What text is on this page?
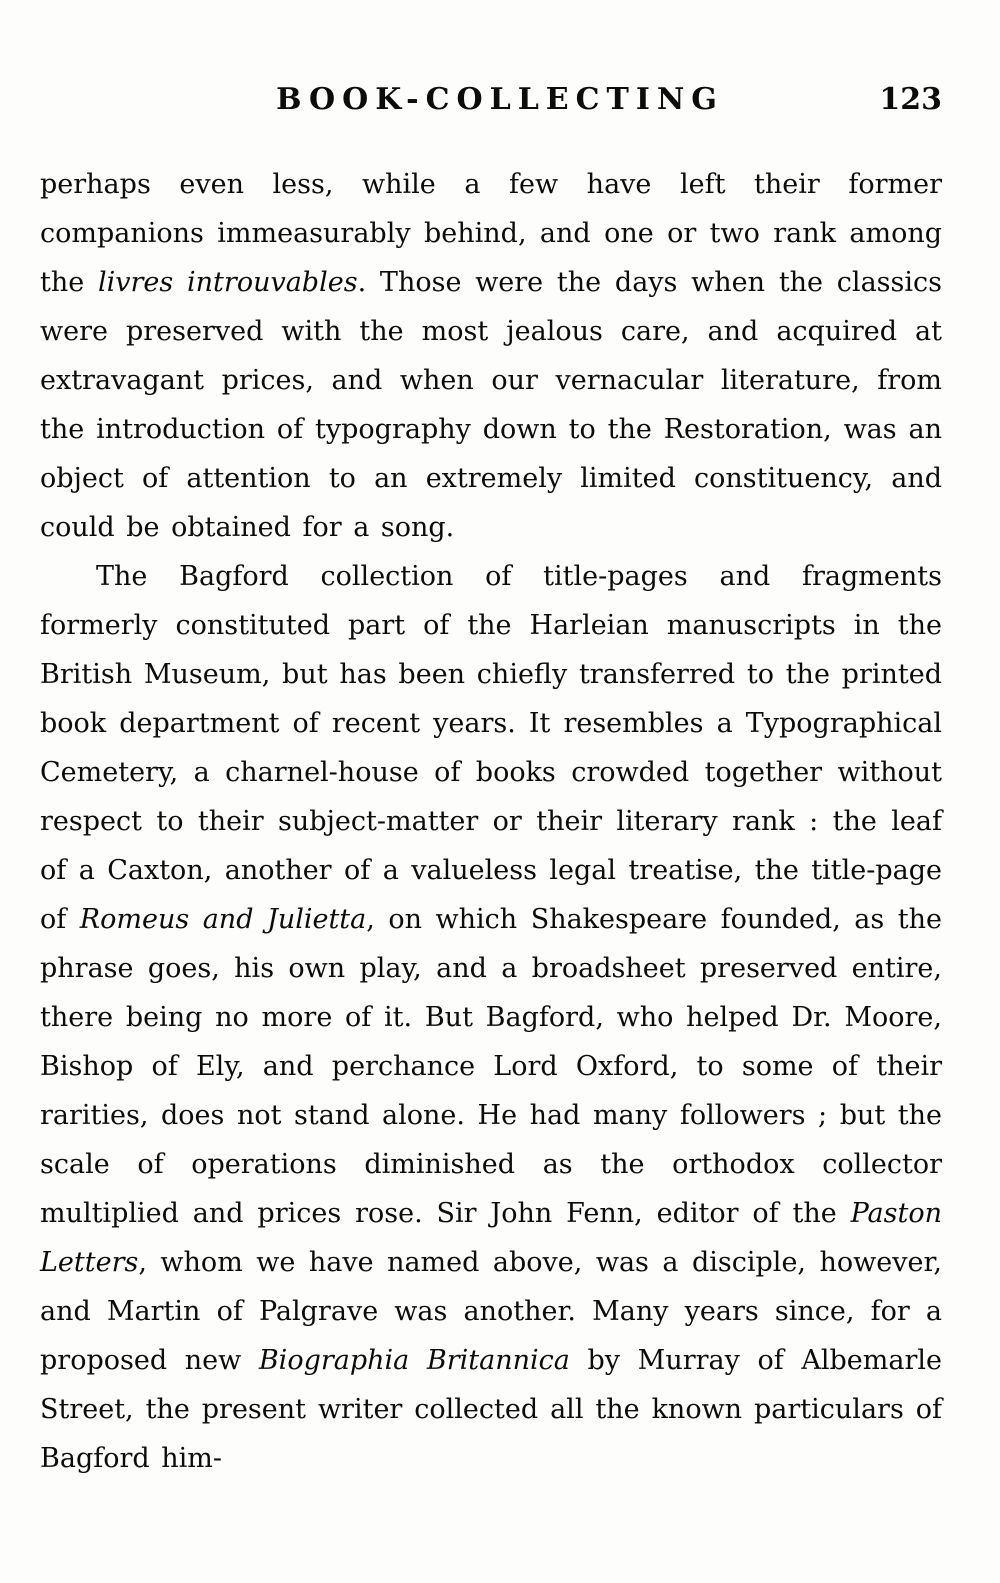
BOOK-COLLECTING	123

perhaps even less, while a few have left their former companions immeasurably behind, and one or two rank among the livres introuvables. Those were the days when the classics were preserved with the most jealous care, and acquired at extravagant prices, and when our vernacular literature, from the introduction of typography down to the Restoration, was an object of attention to an extremely limited constituency, and could be obtained for a song.

The Bagford collection of title-pages and fragments formerly constituted part of the Harleian manuscripts in the British Museum, but has been chiefly transferred to the printed book department of recent years. It resembles a Typographical Cemetery, a charnel-house of books crowded together without respect to their subject-matter or their literary rank : the leaf of a Caxton, another of a valueless legal treatise, the title-page of Romeus and Julietta, on which Shakespeare founded, as the phrase goes, his own play, and a broadsheet preserved entire, there being no more of it. But Bagford, who helped Dr. Moore, Bishop of Ely, and perchance Lord Oxford, to some of their rarities, does not stand alone. He had many followers ; but the scale of operations diminished as the orthodox collector multiplied and prices rose. Sir John Fenn, editor of the Paston Letters, whom we have named above, was a disciple, however, and Martin of Palgrave was another. Many years since, for a proposed new Biographia Britannica by Murray of Albemarle Street, the present writer collected all the known particulars of Bagford him-
